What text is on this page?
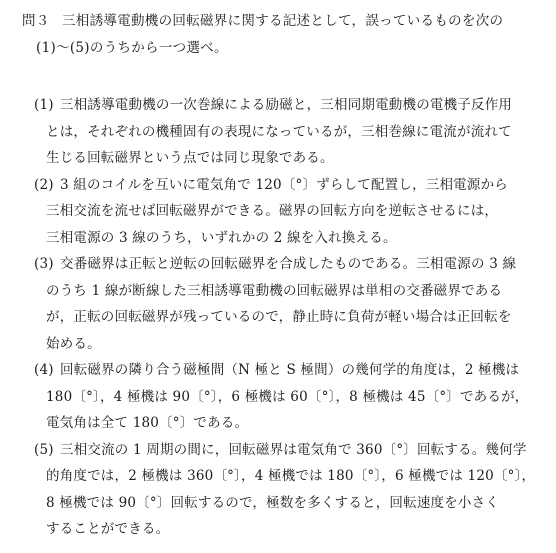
問３ 三相誘導電動機の回転磁界に関する記述として，誤っているものを次の
(1)～(5)のうちから一つ選べ。
(1) 三相誘導電動機の一次巻線による励磁と，三相同期電動機の電機子反作用
とは，それぞれの機種固有の表現になっているが，三相巻線に電流が流れて
生じる回転磁界という点では同じ現象である。
(2) 3 組のコイルを互いに電気角で 120〔°〕ずらして配置し，三相電源から
三相交流を流せば回転磁界ができる。磁界の回転方向を逆転させるには，
三相電源の 3 線のうち，いずれかの 2 線を入れ換える。
(3) 交番磁界は正転と逆転の回転磁界を合成したものである。三相電源の 3 線
のうち 1 線が断線した三相誘導電動機の回転磁界は単相の交番磁界である
が，正転の回転磁界が残っているので，静止時に負荷が軽い場合は正回転を
始める。
(4) 回転磁界の隣り合う磁極間（N 極と S 極間）の幾何学的角度は，2 極機は
180〔°〕，4 極機は 90〔°〕，6 極機は 60〔°〕，8 極機は 45〔°〕であるが，
電気角は全て 180〔°〕である。
(5) 三相交流の 1 周期の間に，回転磁界は電気角で 360〔°〕回転する。幾何学
的角度では，2 極機は 360〔°〕，4 極機では 180〔°〕，6 極機では 120〔°〕，
8 極機では 90〔°〕回転するので，極数を多くすると，回転速度を小さく
することができる。
